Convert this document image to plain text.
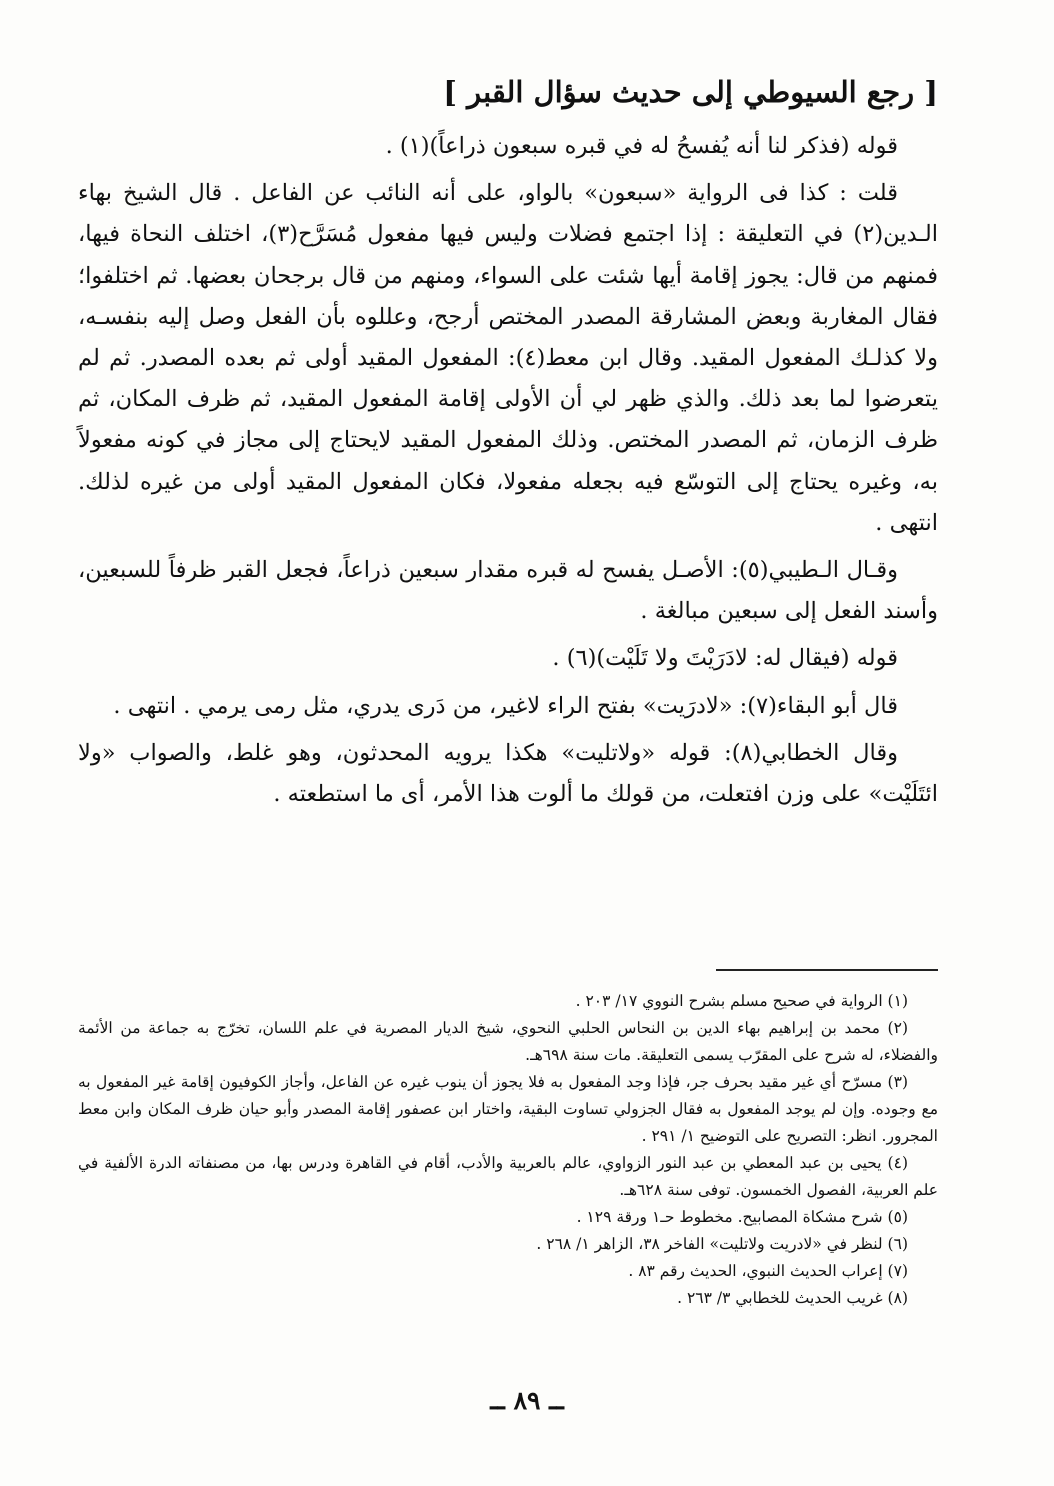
[ رجع السيوطي إلى حديث سؤال القبر ]

قوله (فذكر لنا أنه يُفسحُ له في قبره سبعون ذراعاً)(١) .

قلت : كذا فى الرواية «سبعون» بالواو، على أنه النائب عن الفاعل . قال الشيخ بهاء الـدين(٢) في التعليقة : إذا اجتمع فضلات وليس فيها مفعول مُسَرَّح(٣)، اختلف النحاة فيها، فمنهم من قال: يجوز إقامة أيها شئت على السواء، ومنهم من قال برجحان بعضها. ثم اختلفوا؛ فقال المغاربة وبعض المشارقة المصدر المختص أرجح، وعللوه بأن الفعل وصل إليه بنفسـه، ولا كذلـك المفعول المقيد. وقال ابن معط(٤): المفعول المقيد أولى ثم بعده المصدر. ثم لم يتعرضوا لما بعد ذلك. والذي ظهر لي أن الأولى إقامة المفعول المقيد، ثم ظرف المكان، ثم ظرف الزمان، ثم المصدر المختص. وذلك المفعول المقيد لايحتاج إلى مجاز في كونه مفعولاً به، وغيره يحتاج إلى التوسّع فيه بجعله مفعولا، فكان المفعول المقيد أولى من غيره لذلك. انتهى .

وقـال الـطيبي(٥): الأصـل يفسح له قبره مقدار سبعين ذراعاً، فجعل القبر ظرفاً للسبعين، وأسند الفعل إلى سبعين مبالغة .

قوله (فيقال له: لادَرَيْتَ ولا تَلَيْت)(٦) .

قال أبو البقاء(٧): «لادرَيت» بفتح الراء لاغير، من دَرى يدري، مثل رمى يرمي . انتهى .

وقال الخطابي(٨): قوله «ولاتليت» هكذا يرويه المحدثون، وهو غلط، والصواب «ولا ائتَلَيْت» على وزن افتعلت، من قولك ما ألوت هذا الأمر، أى ما استطعته .

(١) الرواية في صحيح مسلم بشرح النووي ١٧/ ٢٠٣ .

(٢) محمد بن إبراهيم بهاء الدين بن النحاس الحلبي النحوي، شيخ الديار المصرية في علم اللسان، تخرّج به جماعة من الأئمة والفضلاء، له شرح على المقرّب يسمى التعليقة. مات سنة ٦٩٨هـ.

(٣) مسرّح أي غير مقيد بحرف جر، فإذا وجد المفعول به فلا يجوز أن ينوب غيره عن الفاعل، وأجاز الكوفيون إقامة غير المفعول به مع وجوده. وإن لم يوجد المفعول به فقال الجزولي تساوت البقية، واختار ابن عصفور إقامة المصدر وأبو حيان ظرف المكان وابن معط المجرور. انظر: التصريح على التوضيح ١/ ٢٩١ .

(٤) يحيى بن عبد المعطي بن عبد النور الزواوي، عالم بالعربية والأدب، أقام في القاهرة ودرس بها، من مصنفاته الدرة الألفية في علم العربية، الفصول الخمسون. توفى سنة ٦٢٨هـ.

(٥) شرح مشكاة المصابيح. مخطوط حـ١ ورقة ١٢٩ .

(٦) لنظر في «لادريت ولاتليت» الفاخر ٣٨، الزاهر ١/ ٢٦٨ .

(٧) إعراب الحديث النبوي، الحديث رقم ٨٣ .

(٨) غريب الحديث للخطابي ٣/ ٢٦٣ .

ــ ٨٩ ــ
